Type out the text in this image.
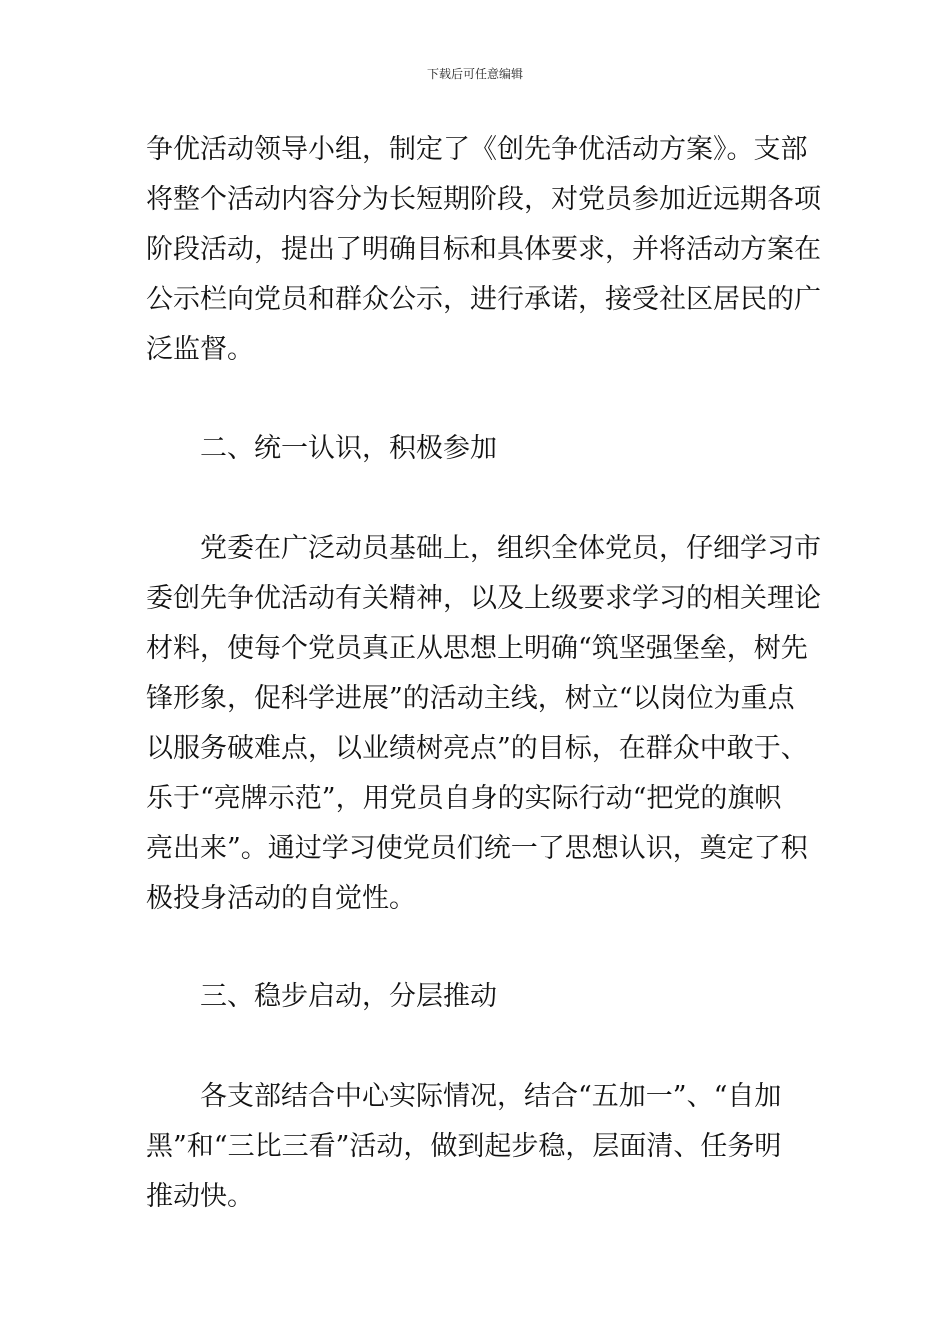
下载后可任意编辑
争优活动领导小组，制定了《创先争优活动方案》。支部
将整个活动内容分为长短期阶段，对党员参加近远期各项
阶段活动，提出了明确目标和具体要求，并将活动方案在
公示栏向党员和群众公示，进行承诺，接受社区居民的广
泛监督。
　　二、统一认识，积极参加
　　党委在广泛动员基础上，组织全体党员，仔细学习市
委创先争优活动有关精神，以及上级要求学习的相关理论
材料，使每个党员真正从思想上明确“筑坚强堡垒，树先
锋形象，促科学进展”的活动主线，树立“以岗位为重点
以服务破难点，以业绩树亮点”的目标，在群众中敢于、
乐于“亮牌示范”，用党员自身的实际行动“把党的旗帜
亮出来”。通过学习使党员们统一了思想认识，奠定了积
极投身活动的自觉性。
　　三、稳步启动，分层推动
　　各支部结合中心实际情况，结合“五加一”、“自加
黑”和“三比三看”活动，做到起步稳，层面清、任务明
推动快。
